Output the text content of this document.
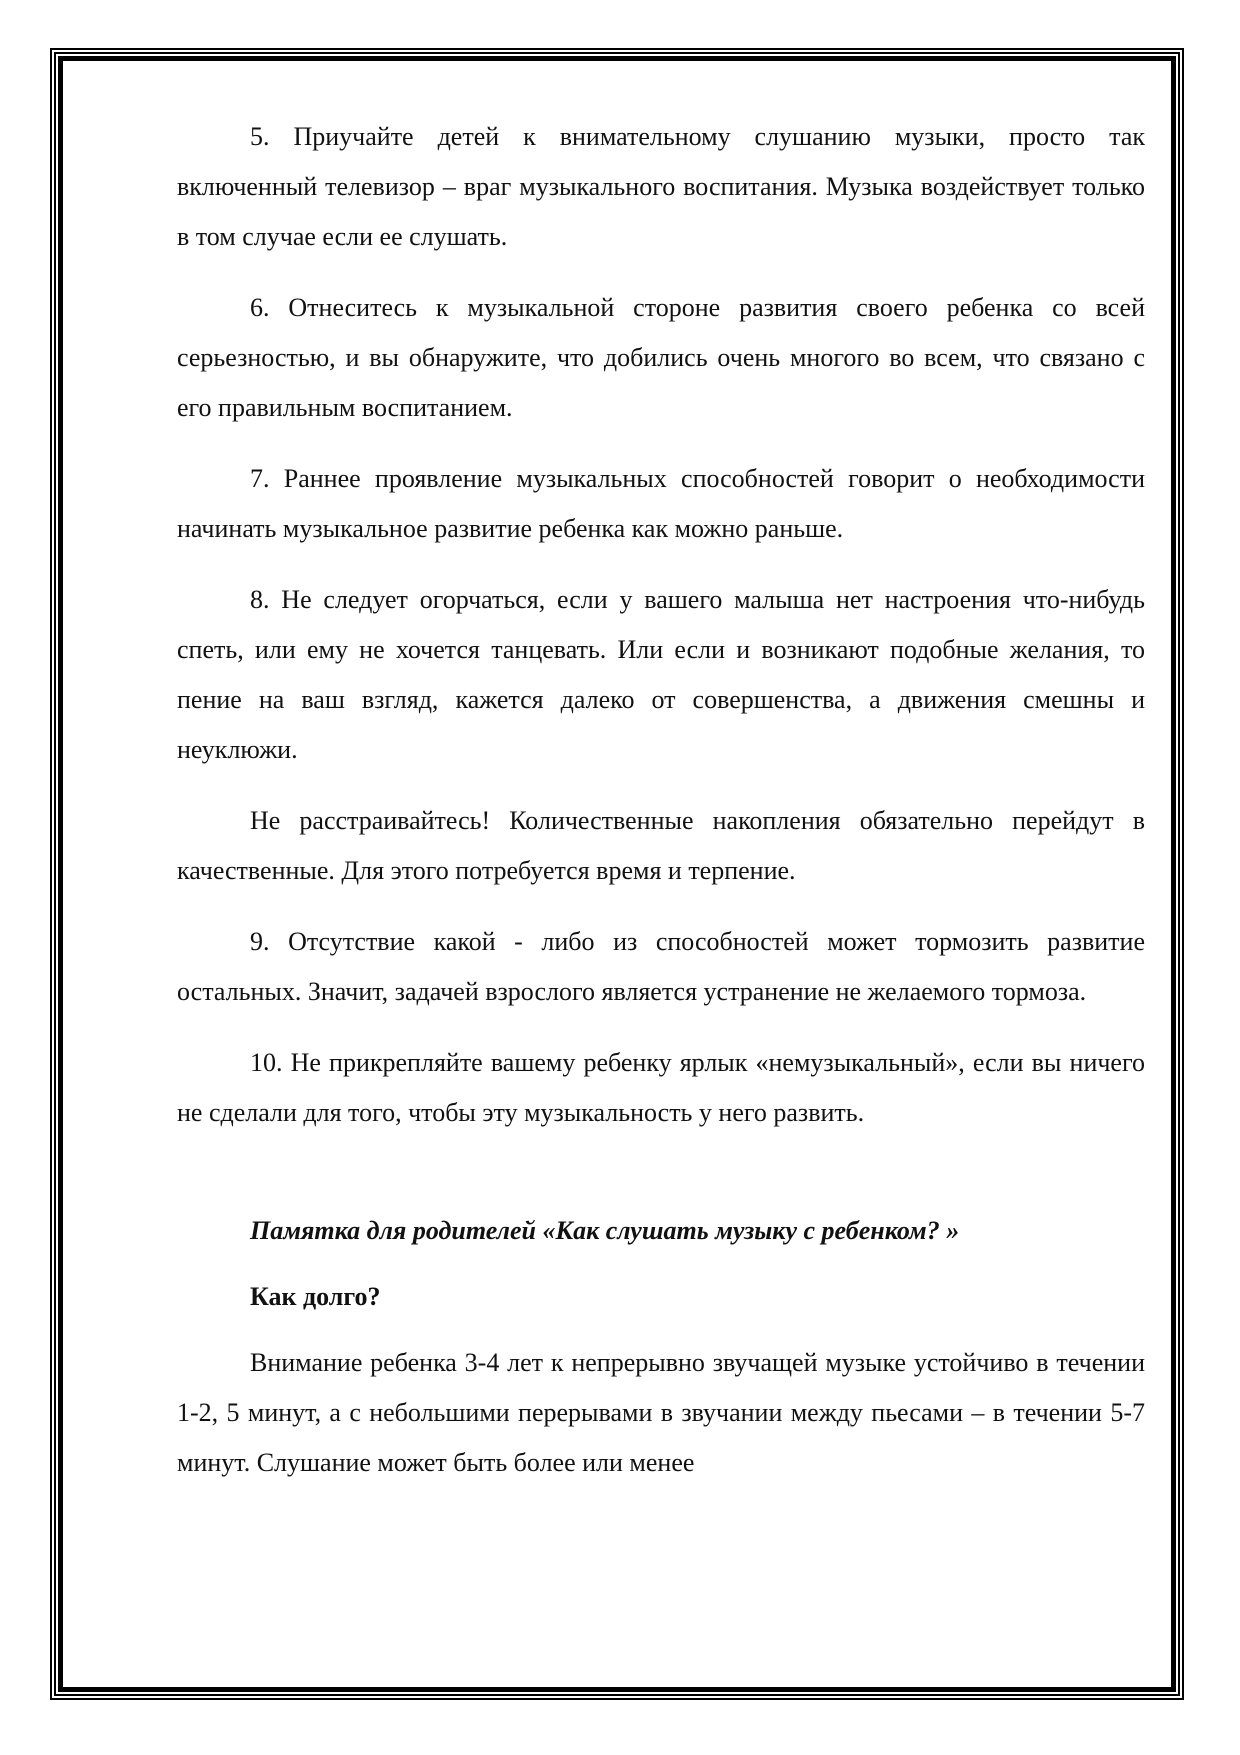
5. Приучайте детей к внимательному слушанию музыки, просто так включенный телевизор – враг музыкального воспитания. Музыка воздействует только в том случае если ее слушать.

6. Отнеситесь к музыкальной стороне развития своего ребенка со всей серьезностью, и вы обнаружите, что добились очень многого во всем, что связано с его правильным воспитанием.

7. Раннее проявление музыкальных способностей говорит о необходимости начинать музыкальное развитие ребенка как можно раньше.

8. Не следует огорчаться, если у вашего малыша нет настроения что-нибудь спеть, или ему не хочется танцевать. Или если и возникают подобные желания, то пение на ваш взгляд, кажется далеко от совершенства, а движения смешны и неуклюжи.

Не расстраивайтесь! Количественные накопления обязательно перейдут в качественные. Для этого потребуется время и терпение.

9. Отсутствие какой - либо из способностей может тормозить развитие остальных. Значит, задачей взрослого является устранение не желаемого тормоза.

10. Не прикрепляйте вашему ребенку ярлык «немузыкальный», если вы ничего не сделали для того, чтобы эту музыкальность у него развить.

Памятка для родителей «Как слушать музыку с ребенком? »

Как долго?

Внимание ребенка 3-4 лет к непрерывно звучащей музыке устойчиво в течении 1-2, 5 минут, а с небольшими перерывами в звучании между пьесами – в течении 5-7 минут. Слушание может быть более или менее
